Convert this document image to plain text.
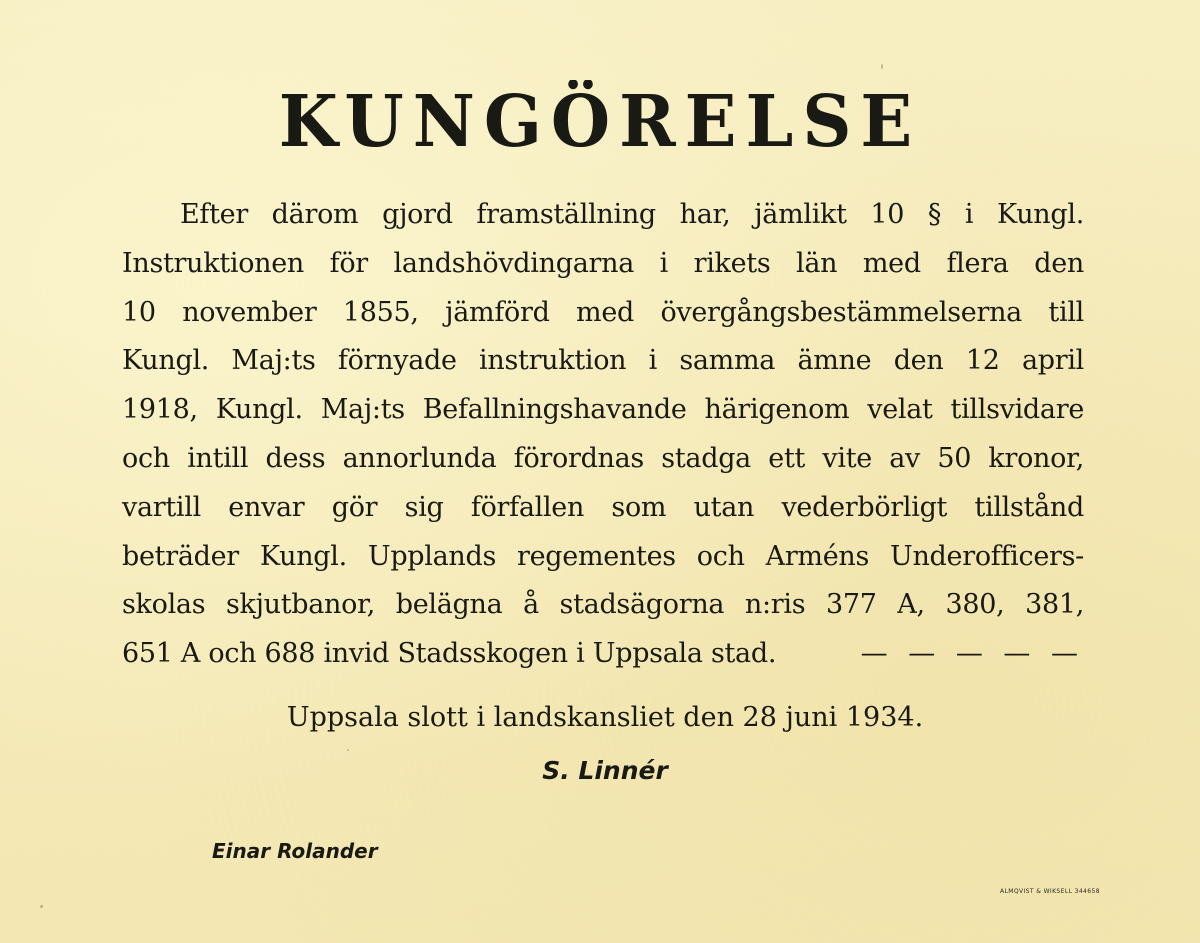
KUNGÖRELSE

Efter därom gjord framställning har, jämlikt 10 § i Kungl.
Instruktionen för landshövdingarna i rikets län med flera den
10 november 1855, jämförd med övergångsbestämmelserna till
Kungl. Maj:ts förnyade instruktion i samma ämne den 12 april
1918, Kungl. Maj:ts Befallningshavande härigenom velat tillsvidare
och intill dess annorlunda förordnas stadga ett vite av 50 kronor,
vartill envar gör sig förfallen som utan vederbörligt tillstånd
beträder Kungl. Upplands regementes och Arméns Underofficers-
skolas skjutbanor, belägna å stadsägorna n:ris 377 A, 380, 381,
651 A och 688 invid Stadsskogen i Uppsala stad.	— — — — —

Uppsala slott i landskansliet den 28 juni 1934.
S. Linnér
Einar Rolander
ALMQVIST & WIKSELL 344658
